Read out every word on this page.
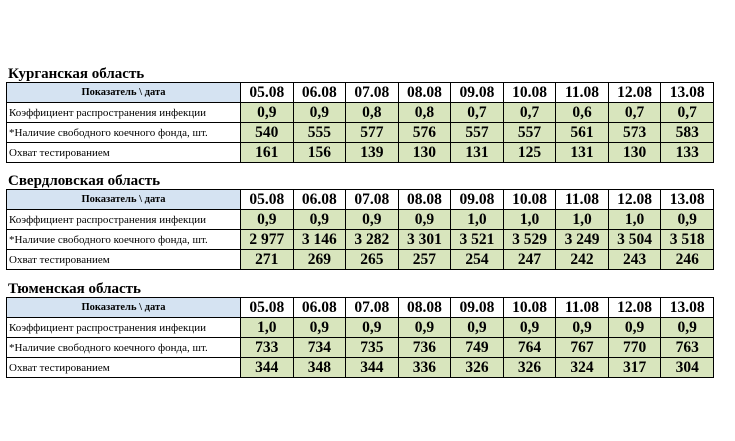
Курганская область
Показатель \ дата	05.08	06.08	07.08	08.08	09.08	10.08	11.08	12.08	13.08
Коэффициент распространения инфекции	0,9	0,9	0,8	0,8	0,7	0,7	0,6	0,7	0,7
*Наличие свободного коечного фонда, шт.	540	555	577	576	557	557	561	573	583
Охват тестированием	161	156	139	130	131	125	131	130	133
Свердловская область
Показатель \ дата	05.08	06.08	07.08	08.08	09.08	10.08	11.08	12.08	13.08
Коэффициент распространения инфекции	0,9	0,9	0,9	0,9	1,0	1,0	1,0	1,0	0,9
*Наличие свободного коечного фонда, шт.	2 977	3 146	3 282	3 301	3 521	3 529	3 249	3 504	3 518
Охват тестированием	271	269	265	257	254	247	242	243	246
Тюменская область
Показатель \ дата	05.08	06.08	07.08	08.08	09.08	10.08	11.08	12.08	13.08
Коэффициент распространения инфекции	1,0	0,9	0,9	0,9	0,9	0,9	0,9	0,9	0,9
*Наличие свободного коечного фонда, шт.	733	734	735	736	749	764	767	770	763
Охват тестированием	344	348	344	336	326	326	324	317	304
